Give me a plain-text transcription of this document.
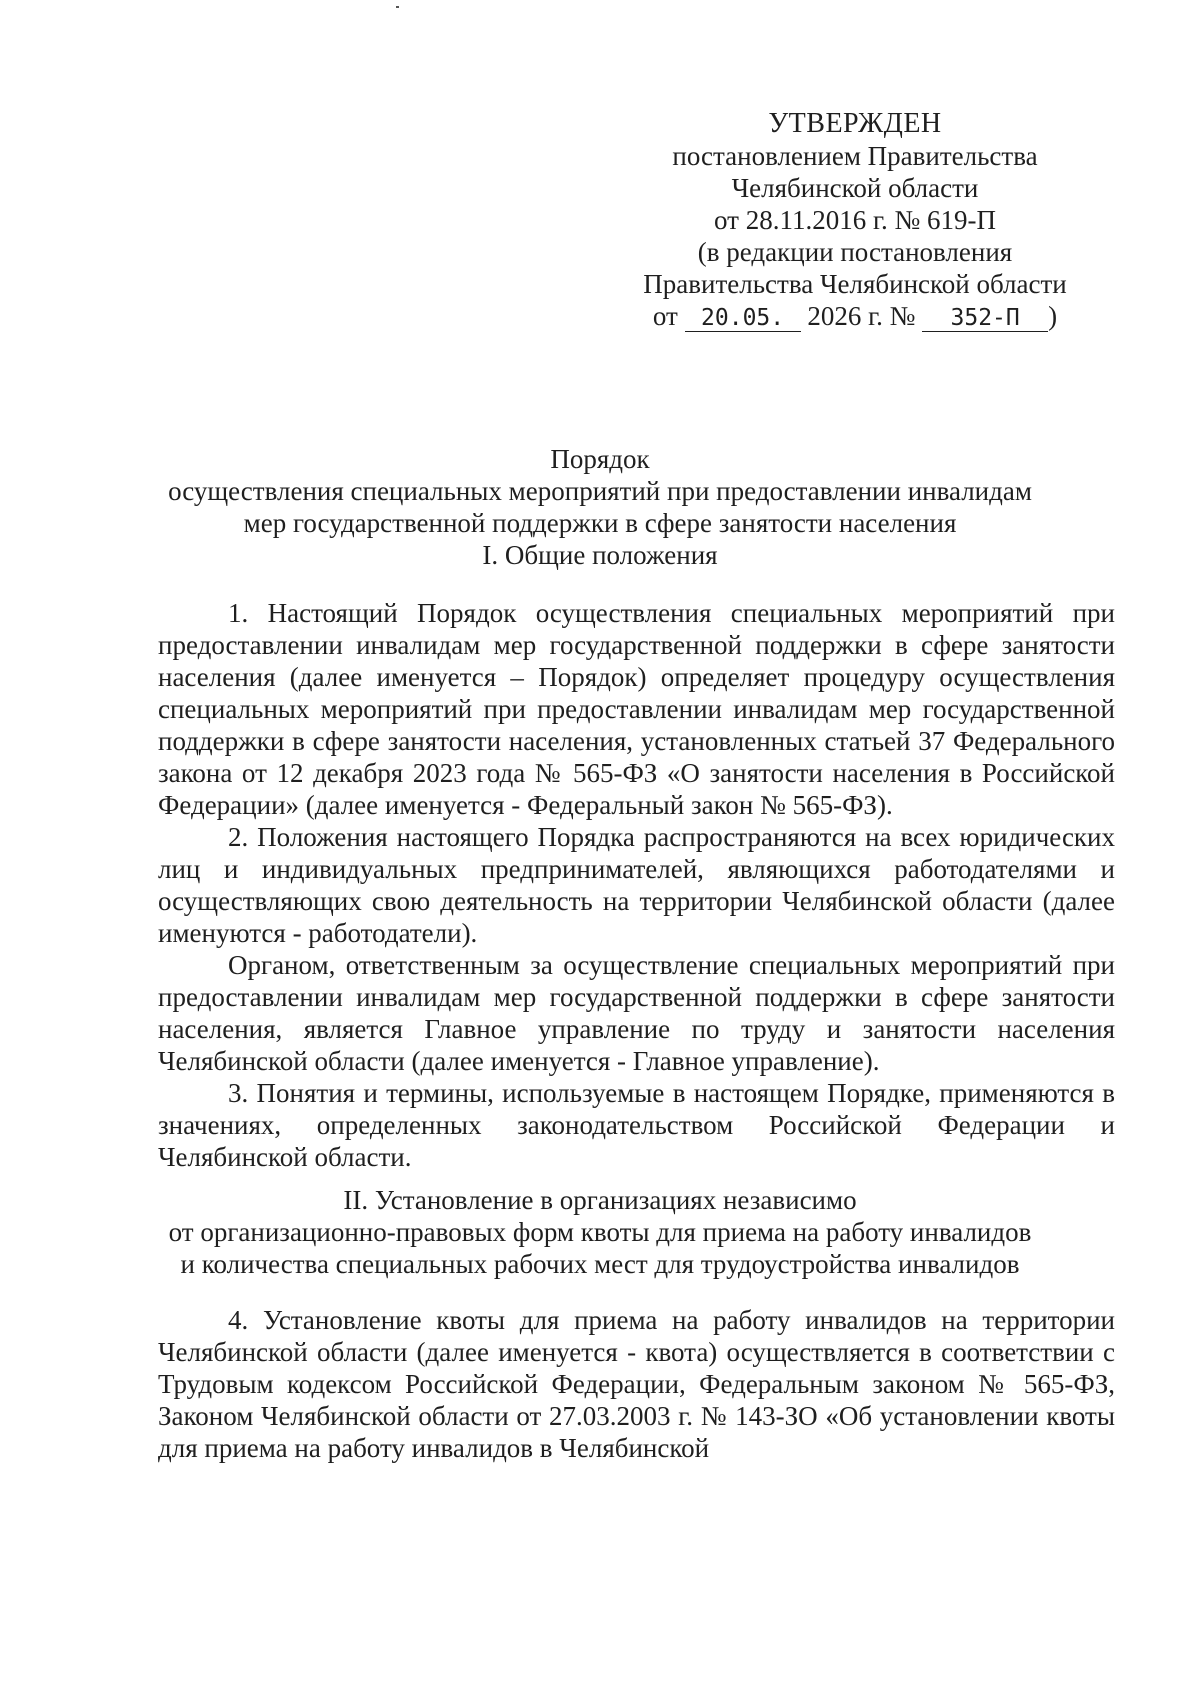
УТВЕРЖДЕН
постановлением Правительства
Челябинской области
от 28.11.2016 г. № 619-П
(в редакции постановления
Правительства Челябинской области
от 20.05. 2026 г. № 352-П )
Порядок
осуществления специальных мероприятий при предоставлении инвалидам
мер государственной поддержки в сфере занятости населения
I. Общие положения

1. Настоящий Порядок осуществления специальных мероприятий при предоставлении инвалидам мер государственной поддержки в сфере занятости населения (далее именуется – Порядок) определяет процедуру осуществления специальных мероприятий при предоставлении инвалидам мер государственной поддержки в сфере занятости населения, установленных статьей 37 Федерального закона от 12 декабря 2023 года № 565-ФЗ «О занятости населения в Российской Федерации» (далее именуется - Федеральный закон № 565-ФЗ).

2. Положения настоящего Порядка распространяются на всех юридических лиц и индивидуальных предпринимателей, являющихся работодателями и осуществляющих свою деятельность на территории Челябинской области (далее именуются - работодатели).

Органом, ответственным за осуществление специальных мероприятий при предоставлении инвалидам мер государственной поддержки в сфере занятости населения, является Главное управление по труду и занятости населения Челябинской области (далее именуется - Главное управление).

3. Понятия и термины, используемые в настоящем Порядке, применяются в значениях, определенных законодательством Российской Федерации и Челябинской области.

II. Установление в организациях независимо
от организационно-правовых форм квоты для приема на работу инвалидов
и количества специальных рабочих мест для трудоустройства инвалидов

4. Установление квоты для приема на работу инвалидов на территории Челябинской области (далее именуется - квота) осуществляется в соответствии с Трудовым кодексом Российской Федерации, Федеральным законом № 565-ФЗ, Законом Челябинской области от 27.03.2003 г. № 143-ЗО «Об установлении квоты для приема на работу инвалидов в Челябинской
